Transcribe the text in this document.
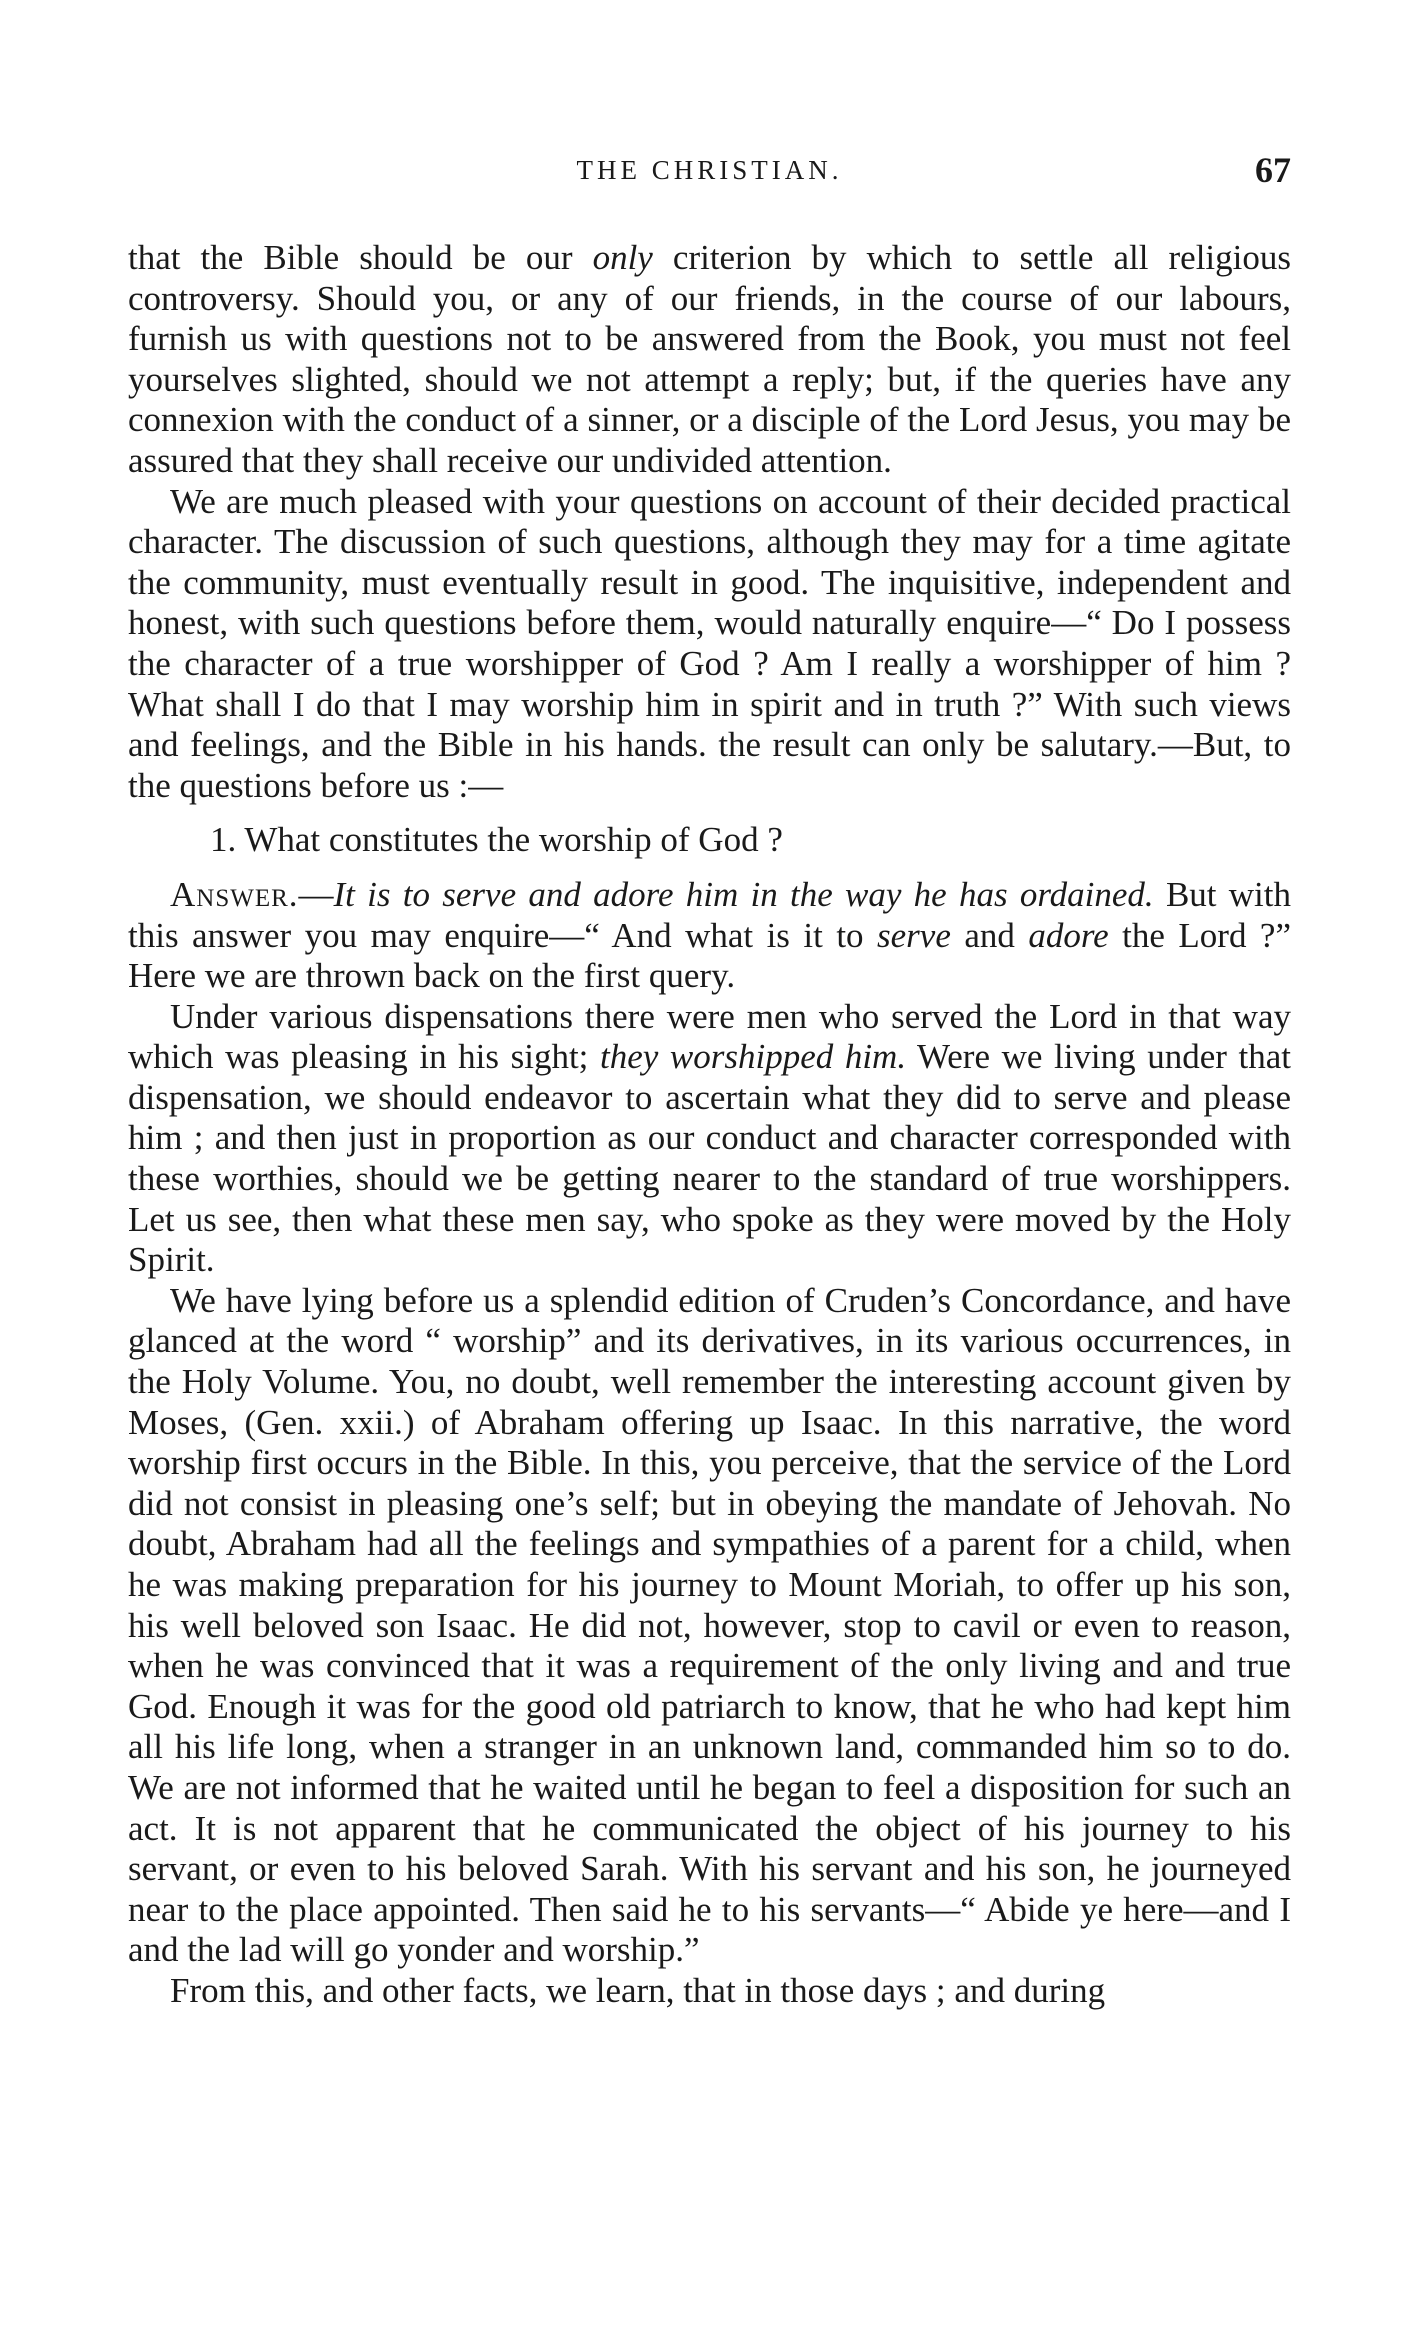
THE CHRISTIAN.	67

that the Bible should be our only criterion by which to settle all religious controversy. Should you, or any of our friends, in the course of our labours, furnish us with questions not to be answered from the Book, you must not feel yourselves slighted, should we not attempt a reply; but, if the queries have any connexion with the conduct of a sinner, or a disciple of the Lord Jesus, you may be assured that they shall receive our undivided attention.

We are much pleased with your questions on account of their decided practical character. The discussion of such questions, although they may for a time agitate the community, must eventually result in good. The inquisitive, independent and honest, with such questions before them, would naturally enquire—“ Do I possess the character of a true worshipper of God ? Am I really a worshipper of him ? What shall I do that I may worship him in spirit and in truth ?” With such views and feelings, and the Bible in his hands. the result can only be salutary.—But, to the questions before us :—

1. What constitutes the worship of God ?

Answer.—It is to serve and adore him in the way he has ordained. But with this answer you may enquire—“ And what is it to serve and adore the Lord ?” Here we are thrown back on the first query.

Under various dispensations there were men who served the Lord in that way which was pleasing in his sight; they worshipped him. Were we living under that dispensation, we should endeavor to ascertain what they did to serve and please him ; and then just in proportion as our conduct and character corresponded with these worthies, should we be getting nearer to the standard of true worshippers. Let us see, then what these men say, who spoke as they were moved by the Holy Spirit.

We have lying before us a splendid edition of Cruden’s Concordance, and have glanced at the word “ worship” and its derivatives, in its various occurrences, in the Holy Volume. You, no doubt, well remember the interesting account given by Moses, (Gen. xxii.) of Abraham offering up Isaac. In this narrative, the word worship first occurs in the Bible. In this, you perceive, that the service of the Lord did not consist in pleasing one’s self; but in obeying the mandate of Jehovah. No doubt, Abraham had all the feelings and sympathies of a parent for a child, when he was making preparation for his journey to Mount Moriah, to offer up his son, his well beloved son Isaac. He did not, however, stop to cavil or even to reason, when he was convinced that it was a requirement of the only living and and true God. Enough it was for the good old patriarch to know, that he who had kept him all his life long, when a stranger in an unknown land, commanded him so to do. We are not informed that he waited until he began to feel a disposition for such an act. It is not apparent that he communicated the object of his journey to his servant, or even to his beloved Sarah. With his servant and his son, he journeyed near to the place appointed. Then said he to his servants—“ Abide ye here—and I and the lad will go yonder and worship.”

From this, and other facts, we learn, that in those days ; and during
